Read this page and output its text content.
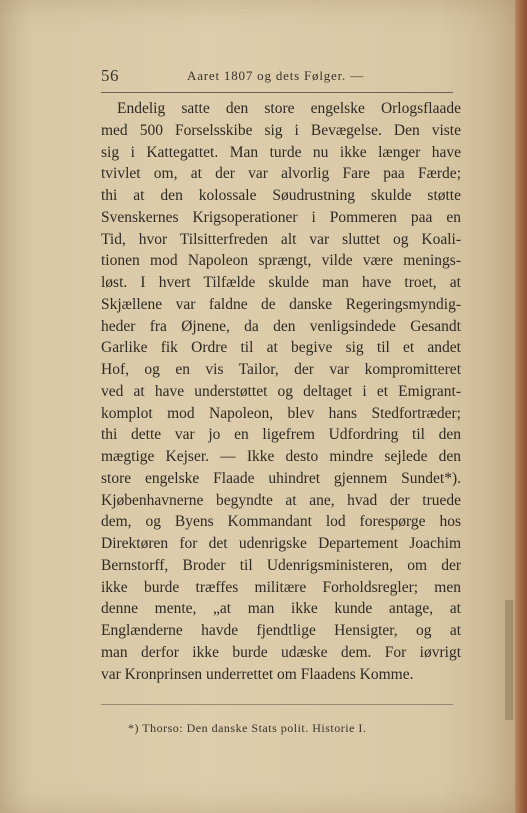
56	Aaret 1807 og dets Følger. —
Endelig satte den store engelske Orlogsflaade
med 500 Forselsskibe sig i Bevægelse. Den viste
sig i Kattegattet. Man turde nu ikke længer have
tvivlet om, at der var alvorlig Fare paa Færde;
thi at den kolossale Søudrustning skulde støtte
Svenskernes Krigsoperationer i Pommeren paa en
Tid, hvor Tilsitterfreden alt var sluttet og Koali-
tionen mod Napoleon sprængt, vilde være menings-
løst. I hvert Tilfælde skulde man have troet, at
Skjællene var faldne de danske Regeringsmyndig-
heder fra Øjnene, da den venligsindede Gesandt
Garlike fik Ordre til at begive sig til et andet
Hof, og en vis Tailor, der var kompromitteret
ved at have understøttet og deltaget i et Emigrant-
komplot mod Napoleon, blev hans Stedfortræder;
thi dette var jo en ligefrem Udfordring til den
mægtige Kejser. — Ikke desto mindre sejlede den
store engelske Flaade uhindret gjennem Sundet*).
Kjøbenhavnerne begyndte at ane, hvad der truede
dem, og Byens Kommandant lod forespørge hos
Direktøren for det udenrigske Departement Joachim
Bernstorff, Broder til Udenrigsministeren, om der
ikke burde træffes militære Forholdsregler; men
denne mente, „at man ikke kunde antage, at
Englænderne havde fjendtlige Hensigter, og at
man derfor ikke burde udæske dem. For iøvrigt
var Kronprinsen underrettet om Flaadens Komme.
*) Thorso: Den danske Stats polit. Historie I.
